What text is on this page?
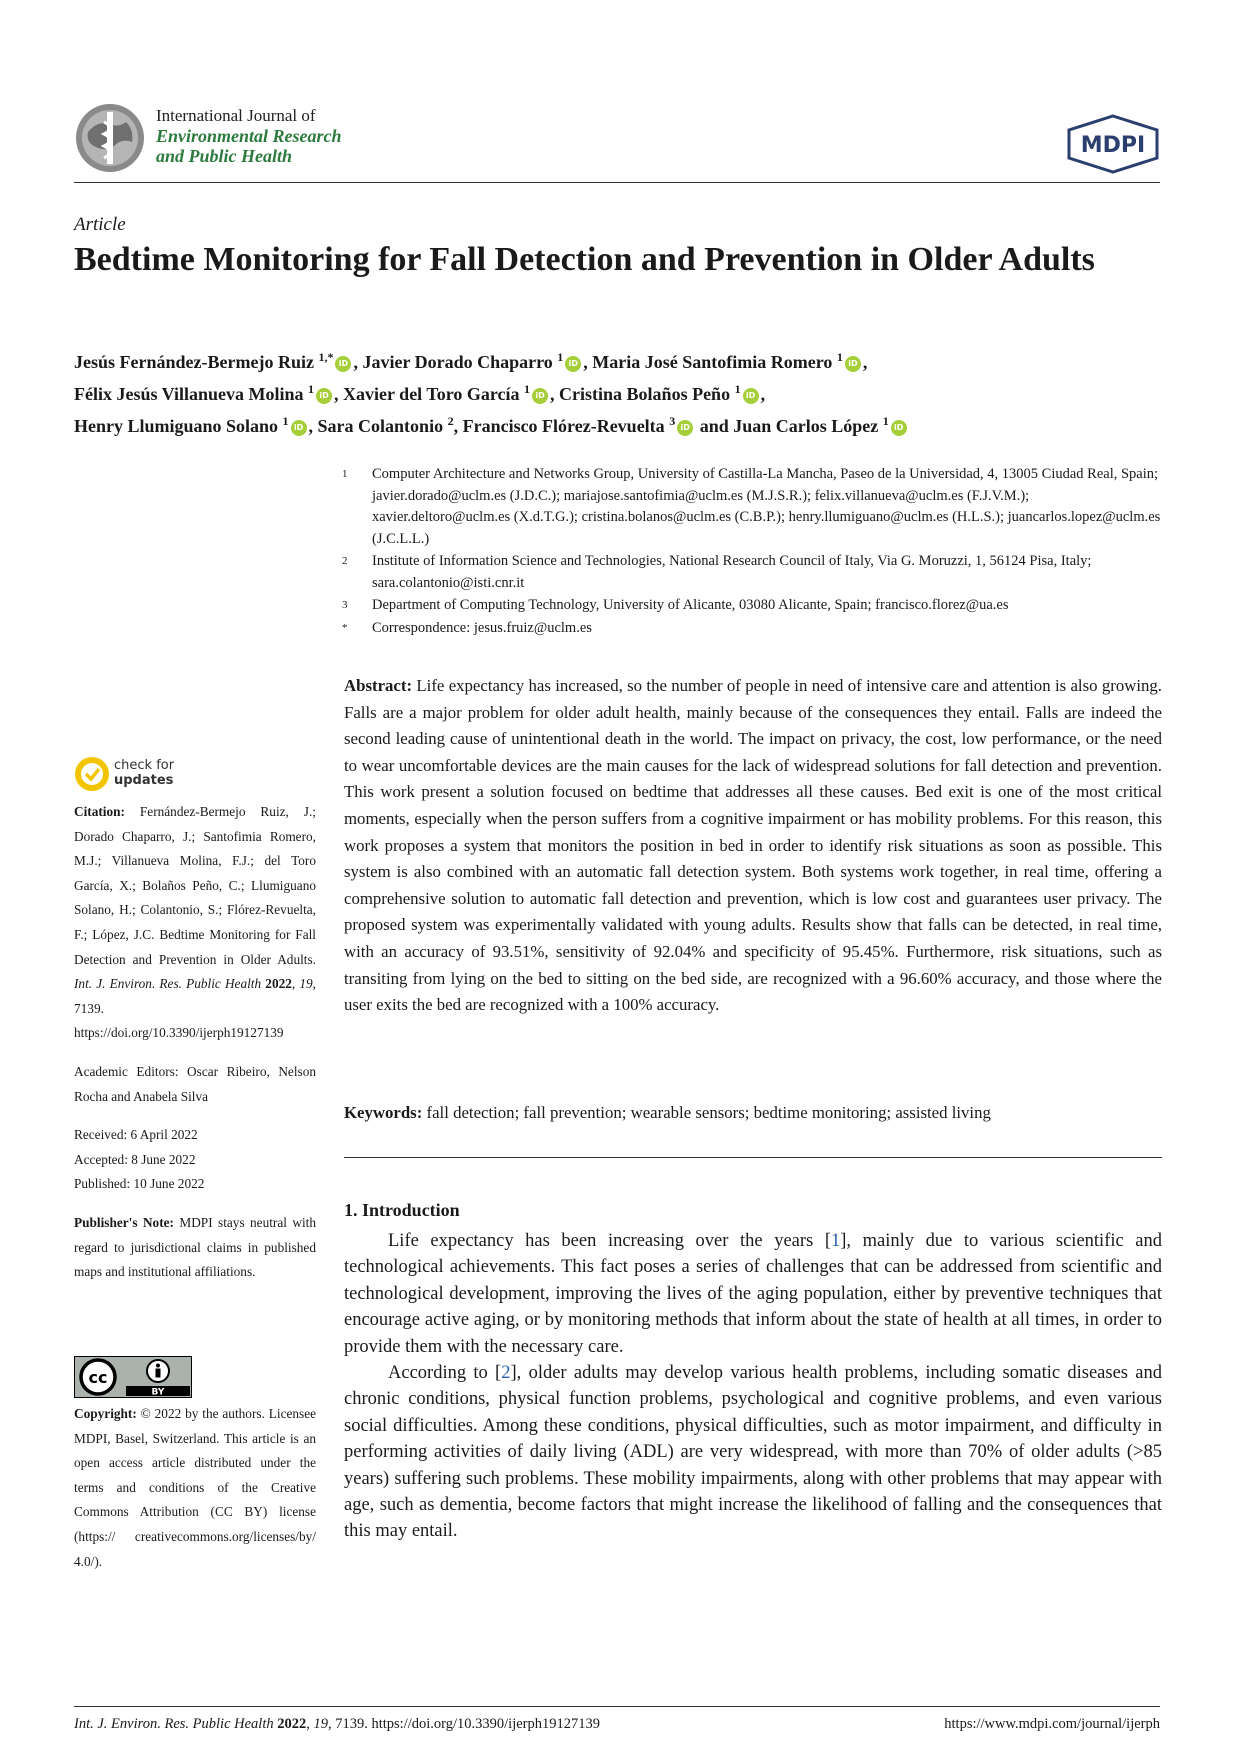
International Journal of
Environmental Research
and Public Health	MDPI
Article
Bedtime Monitoring for Fall Detection and Prevention in Older Adults
Jesús Fernández-Bermejo Ruiz $^{1,*}$ iD , Javier Dorado Chaparro $^1$ iD , Maria José Santofimia Romero $^1$ iD ,
Félix Jesús Villanueva Molina $^1$ iD , Xavier del Toro García $^1$ iD , Cristina Bolaños Peño $^1$ iD ,
Henry Llumiguano Solano $^1$ iD , Sara Colantonio $^2$, Francisco Flórez-Revuelta $^3$ iD and Juan Carlos López $^1$ iD
1	Computer Architecture and Networks Group, University of Castilla-La Mancha, Paseo de la Universidad, 4, 13005 Ciudad Real, Spain; javier.dorado@uclm.es (J.D.C.); mariajose.santofimia@uclm.es (M.J.S.R.); felix.villanueva@uclm.es (F.J.V.M.); xavier.deltoro@uclm.es (X.d.T.G.); cristina.bolanos@uclm.es (C.B.P.); henry.llumiguano@uclm.es (H.L.S.); juancarlos.lopez@uclm.es (J.C.L.L.)
2	Institute of Information Science and Technologies, National Research Council of Italy, Via G. Moruzzi, 1, 56124 Pisa, Italy; sara.colantonio@isti.cnr.it
3	Department of Computing Technology, University of Alicante, 03080 Alicante, Spain; francisco.florez@ua.es
*	Correspondence: jesus.fruiz@uclm.es
Abstract: Life expectancy has increased, so the number of people in need of intensive care and attention is also growing. Falls are a major problem for older adult health, mainly because of the consequences they entail. Falls are indeed the second leading cause of unintentional death in the world. The impact on privacy, the cost, low performance, or the need to wear uncomfortable devices are the main causes for the lack of widespread solutions for fall detection and prevention. This work present a solution focused on bedtime that addresses all these causes. Bed exit is one of the most critical moments, especially when the person suffers from a cognitive impairment or has mobility problems. For this reason, this work proposes a system that monitors the position in bed in order to identify risk situations as soon as possible. This system is also combined with an automatic fall detection system. Both systems work together, in real time, offering a comprehensive solution to automatic fall detection and prevention, which is low cost and guarantees user privacy. The proposed system was experimentally validated with young adults. Results show that falls can be detected, in real time, with an accuracy of 93.51%, sensitivity of 92.04% and specificity of 95.45%. Furthermore, risk situations, such as transiting from lying on the bed to sitting on the bed side, are recognized with a 96.60% accuracy, and those where the user exits the bed are recognized with a 100% accuracy.
Keywords: fall detection; fall prevention; wearable sensors; bedtime monitoring; assisted living
1. Introduction

Life expectancy has been increasing over the years [1], mainly due to various scientific and technological achievements. This fact poses a series of challenges that can be addressed from scientific and technological development, improving the lives of the aging population, either by preventive techniques that encourage active aging, or by monitoring methods that inform about the state of health at all times, in order to provide them with the necessary care.

According to [2], older adults may develop various health problems, including somatic diseases and chronic conditions, physical function problems, psychological and cognitive problems, and even various social difficulties. Among these conditions, physical difficulties, such as motor impairment, and difficulty in performing activities of daily living (ADL) are very widespread, with more than 70% of older adults (>85 years) suffering such problems. These mobility impairments, along with other problems that may appear with age, such as dementia, become factors that might increase the likelihood of falling and the consequences that this may entail.

check for
updates
Citation: Fernández-Bermejo Ruiz, J.; Dorado Chaparro, J.; Santofimia Romero, M.J.; Villanueva Molina, F.J.; del Toro García, X.; Bolaños Peño, C.; Llumiguano Solano, H.; Colantonio, S.; Flórez-Revuelta, F.; López, J.C. Bedtime Monitoring for Fall Detection and Prevention in Older Adults. Int. J. Environ. Res. Public Health 2022, 19, 7139. https://doi.org/10.3390/ijerph19127139
Academic Editors: Oscar Ribeiro, Nelson Rocha and Anabela Silva
Received: 6 April 2022
Accepted: 8 June 2022
Published: 10 June 2022
Publisher's Note: MDPI stays neutral with regard to jurisdictional claims in published maps and institutional affiliations.
BY
cc
Copyright: © 2022 by the authors. Licensee MDPI, Basel, Switzerland. This article is an open access article distributed under the terms and conditions of the Creative Commons Attribution (CC BY) license (https:// creativecommons.org/licenses/by/ 4.0/).
Int. J. Environ. Res. Public Health 2022, 19, 7139. https://doi.org/10.3390/ijerph19127139	https://www.mdpi.com/journal/ijerph
